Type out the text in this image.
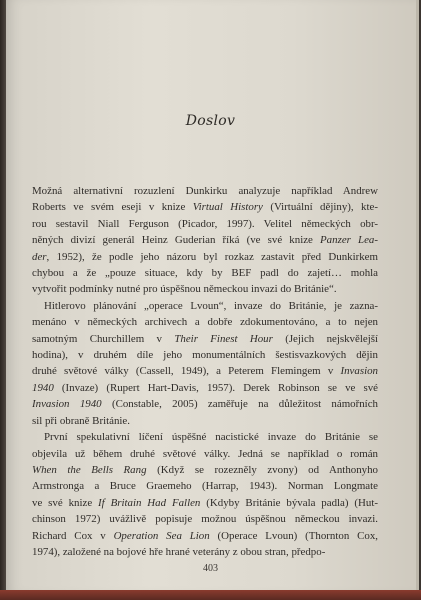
Doslov
Možná alternativní rozuzlení Dunkirku analyzuje například Andrew
Roberts ve svém eseji v knize Virtual History (Virtuální dějiny), kte-
rou sestavil Niall Ferguson (Picador, 1997). Velitel německých obr-
něných divizí generál Heinz Guderian říká (ve své knize Panzer Lea-
der, 1952), že podle jeho názoru byl rozkaz zastavit před Dunkirkem
chybou a že „pouze situace, kdy by BEF padl do zajetí… mohla
vytvořit podmínky nutné pro úspěšnou německou invazi do Británie“.
Hitlerovo plánování „operace Lvoun“, invaze do Británie, je zazna-
menáno v německých archivech a dobře zdokumentováno, a to nejen
samotným Churchillem v Their Finest Hour (Jejich nejskvělejší
hodina), v druhém díle jeho monumentálních šestisvazkových dějin
druhé světové války (Cassell, 1949), a Peterem Flemingem v Invasion
1940 (Invaze) (Rupert Hart-Davis, 1957). Derek Robinson se ve své
Invasion 1940 (Constable, 2005) zaměřuje na důležitost námořních
sil při obraně Británie.
První spekulativní líčení úspěšné nacistické invaze do Británie se
objevila už během druhé světové války. Jedná se například o román
When the Bells Rang (Když se rozezněly zvony) od Anthonyho
Armstronga a Bruce Graemeho (Harrap, 1943). Norman Longmate
ve své knize If Britain Had Fallen (Kdyby Británie bývala padla) (Hut-
chinson 1972) uvážlivě popisuje možnou úspěšnou německou invazi.
Richard Cox v Operation Sea Lion (Operace Lvoun) (Thornton Cox,
1974), založené na bojové hře hrané veterány z obou stran, předpo-
403
